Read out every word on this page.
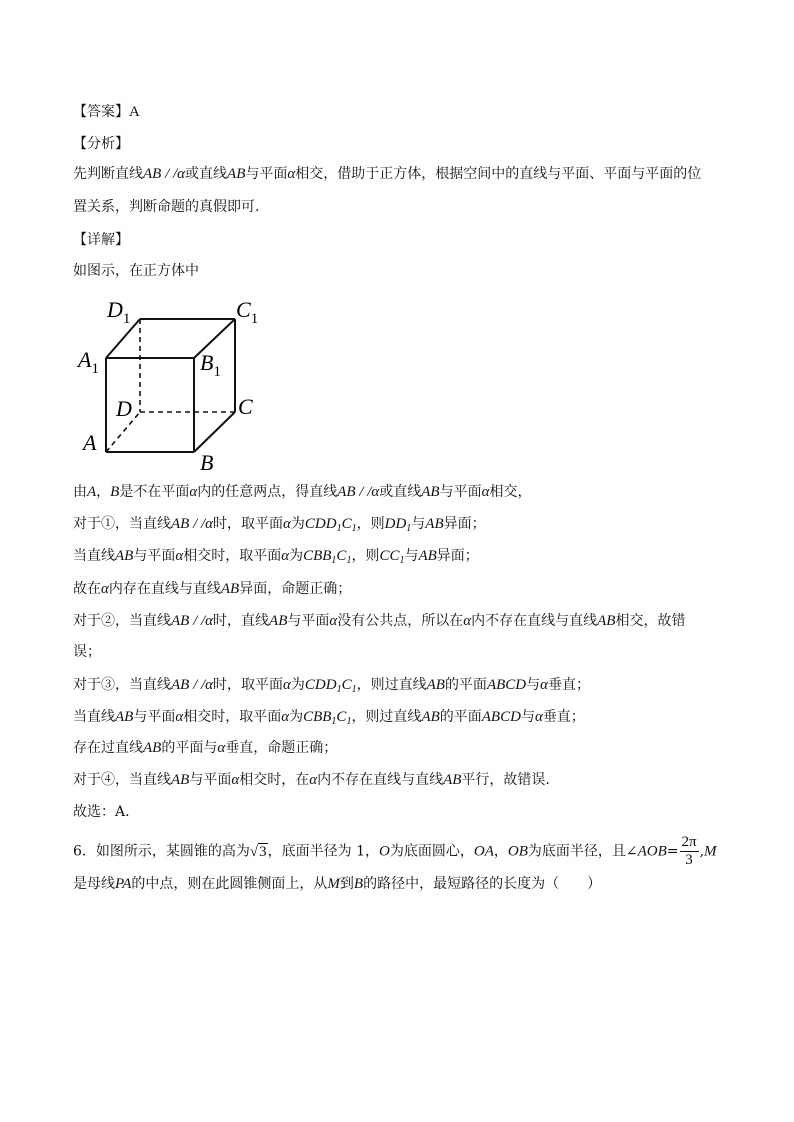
【答案】A
【分析】
先判断直线AB / /α或直线AB与平面α相交，借助于正方体，根据空间中的直线与平面、平面与平面的位
置关系，判断命题的真假即可.
【详解】
如图示，在正方体中
D1	C1
A1	B1
D	C
A
B
由A，B是不在平面α内的任意两点，得直线AB / /α或直线AB与平面α相交，
对于①，当直线AB / /α时，取平面α为$CDD_1C_1$，则$DD_1$与AB异面；
当直线AB与平面α相交时，取平面α为$CBB_1C_1$，则$CC_1$与AB异面；
故在α内存在直线与直线AB异面，命题正确；
对于②，当直线AB / /α时，直线AB与平面α没有公共点，所以在α内不存在直线与直线AB相交，故错
误；
对于③，当直线AB / /α时，取平面α为$CDD_1C_1$，则过直线AB的平面ABCD与α垂直；
当直线AB与平面α相交时，取平面α为$CBB_1C_1$，则过直线AB的平面ABCD与α垂直；
存在过直线AB的平面与α垂直，命题正确；
对于④，当直线AB与平面α相交时，在α内不存在直线与直线AB平行，故错误.
故选：A.
6．如图所示，某圆锥的高为√3，底面半径为 1，O为底面圆心，OA，OB为底面半径，且∠AOB= $\frac{2\pi}{3} ,M$
是母线PA的中点，则在此圆锥侧面上，从M到B的路径中，最短路径的长度为（　　）
